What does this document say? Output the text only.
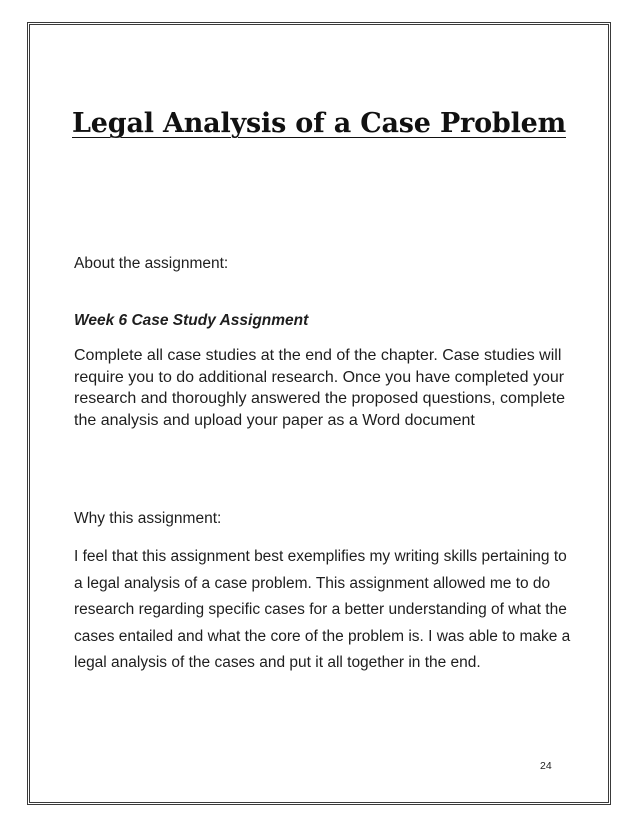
Legal Analysis of a Case Problem

About the assignment:

Week 6 Case Study Assignment

Complete all case studies at the end of the chapter. Case studies will require you to do additional research. Once you have completed your research and thoroughly answered the proposed questions, complete the analysis and upload your paper as a Word document

Why this assignment:

I feel that this assignment best exemplifies my writing skills pertaining to a legal analysis of a case problem. This assignment allowed me to do research regarding specific cases for a better understanding of what the cases entailed and what the core of the problem is. I was able to make a legal analysis of the cases and put it all together in the end.

24
